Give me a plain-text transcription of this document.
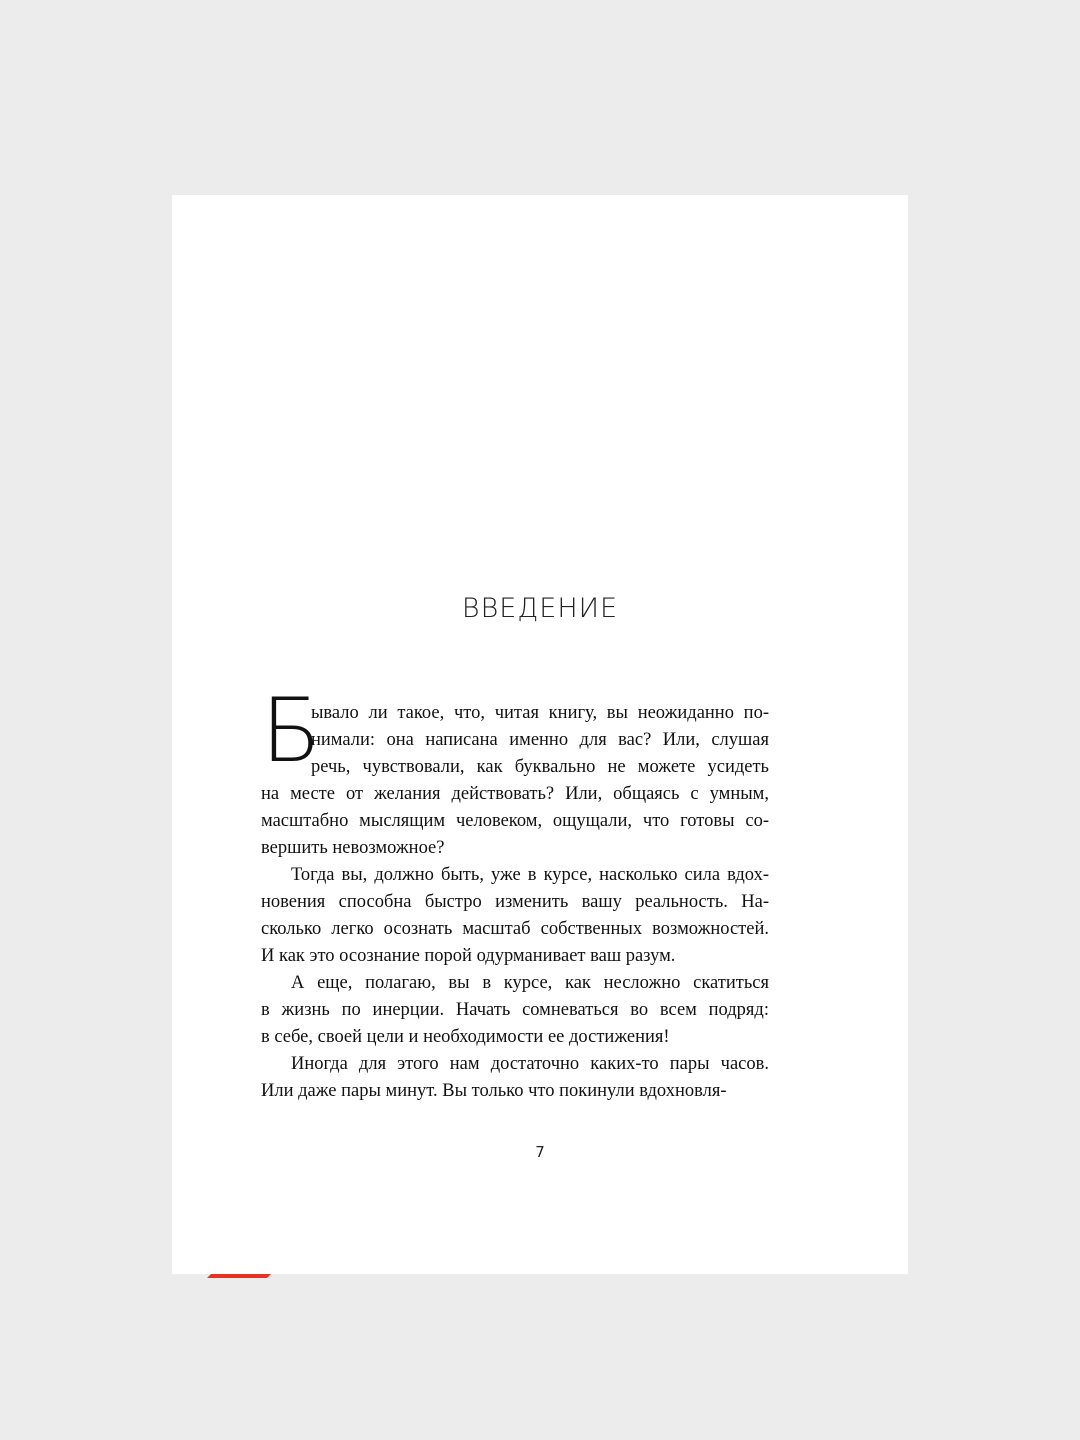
ВВЕДЕНИЕ
Б
ывало ли такое, что, читая книгу, вы неожиданно по-
нимали: она написана именно для вас? Или, слушая
речь, чувствовали, как буквально не можете усидеть
на месте от желания действовать? Или, общаясь с умным,
масштабно мыслящим человеком, ощущали, что готовы со-
вершить невозможное?
Тогда вы, должно быть, уже в курсе, насколько сила вдох-
новения способна быстро изменить вашу реальность. На-
сколько легко осознать масштаб собственных возможностей.
И как это осознание порой одурманивает ваш разум.
А еще, полагаю, вы в курсе, как несложно скатиться
в жизнь по инерции. Начать сомневаться во всем подряд:
в себе, своей цели и необходимости ее достижения!
Иногда для этого нам достаточно каких-то пары часов.
Или даже пары минут. Вы только что покинули вдохновля-
7
